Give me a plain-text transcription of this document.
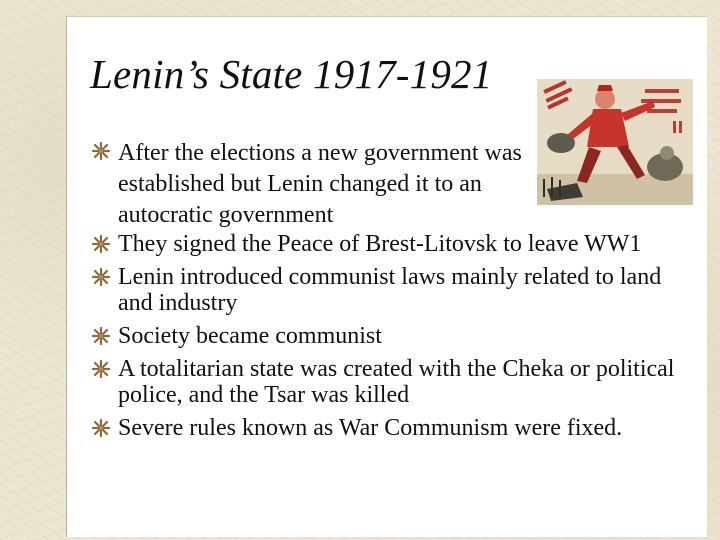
Lenin’s State 1917-1921
After the elections a new government was established but Lenin changed it to an autocratic government
They signed the Peace of Brest-Litovsk to leave WW1
Lenin introduced communist laws mainly related to land and industry
Society became communist
A totalitarian state was created with the Cheka or political police, and the Tsar was killed
Severe rules known as War Communism were fixed.
